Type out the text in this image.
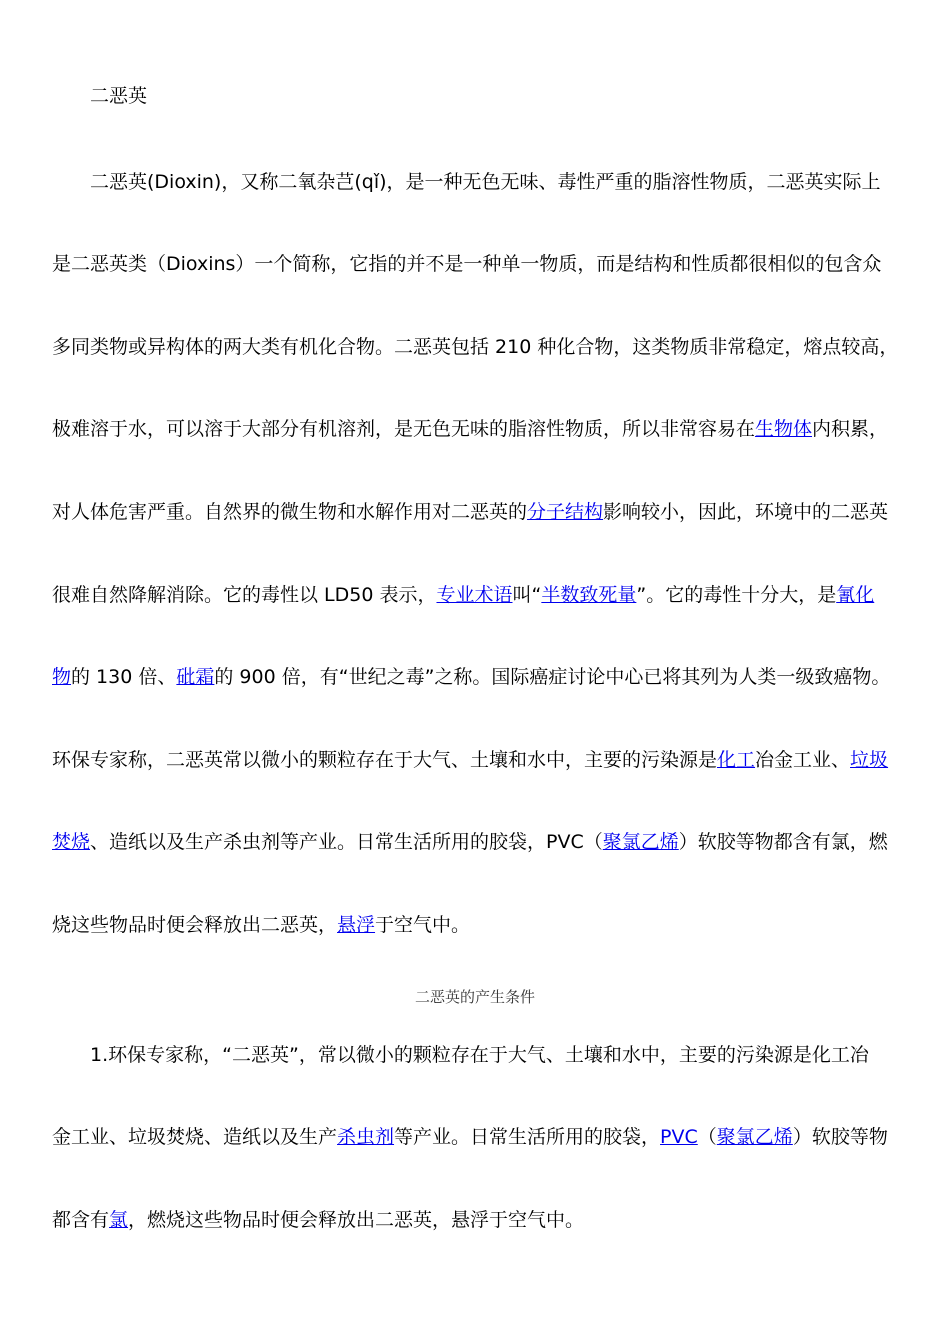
二恶英
二恶英(Dioxin)，又称二氧杂芑(qǐ)，是一种无色无味、毒性严重的脂溶性物质，二恶英实际上
是二恶英类（Dioxins）一个简称，它指的并不是一种单一物质，而是结构和性质都很相似的包含众
多同类物或异构体的两大类有机化合物。二恶英包括 210 种化合物，这类物质非常稳定，熔点较高，
极难溶于水，可以溶于大部分有机溶剂，是无色无味的脂溶性物质，所以非常容易在生物体内积累，
对人体危害严重。自然界的微生物和水解作用对二恶英的分子结构影响较小，因此，环境中的二恶英
很难自然降解消除。它的毒性以 LD50 表示，专业术语叫“半数致死量”。它的毒性十分大，是氰化
物的 130 倍、砒霜的 900 倍，有“世纪之毒”之称。国际癌症讨论中心已将其列为人类一级致癌物。
环保专家称，二恶英常以微小的颗粒存在于大气、土壤和水中，主要的污染源是化工冶金工业、垃圾
焚烧、造纸以及生产杀虫剂等产业。日常生活所用的胶袋，PVC（聚氯乙烯）软胶等物都含有氯，燃
烧这些物品时便会释放出二恶英，悬浮于空气中。
二恶英的产生条件
1.环保专家称，“二恶英”，常以微小的颗粒存在于大气、土壤和水中，主要的污染源是化工冶
金工业、垃圾焚烧、造纸以及生产杀虫剂等产业。日常生活所用的胶袋，PVC（聚氯乙烯）软胶等物
都含有氯，燃烧这些物品时便会释放出二恶英，悬浮于空气中。
